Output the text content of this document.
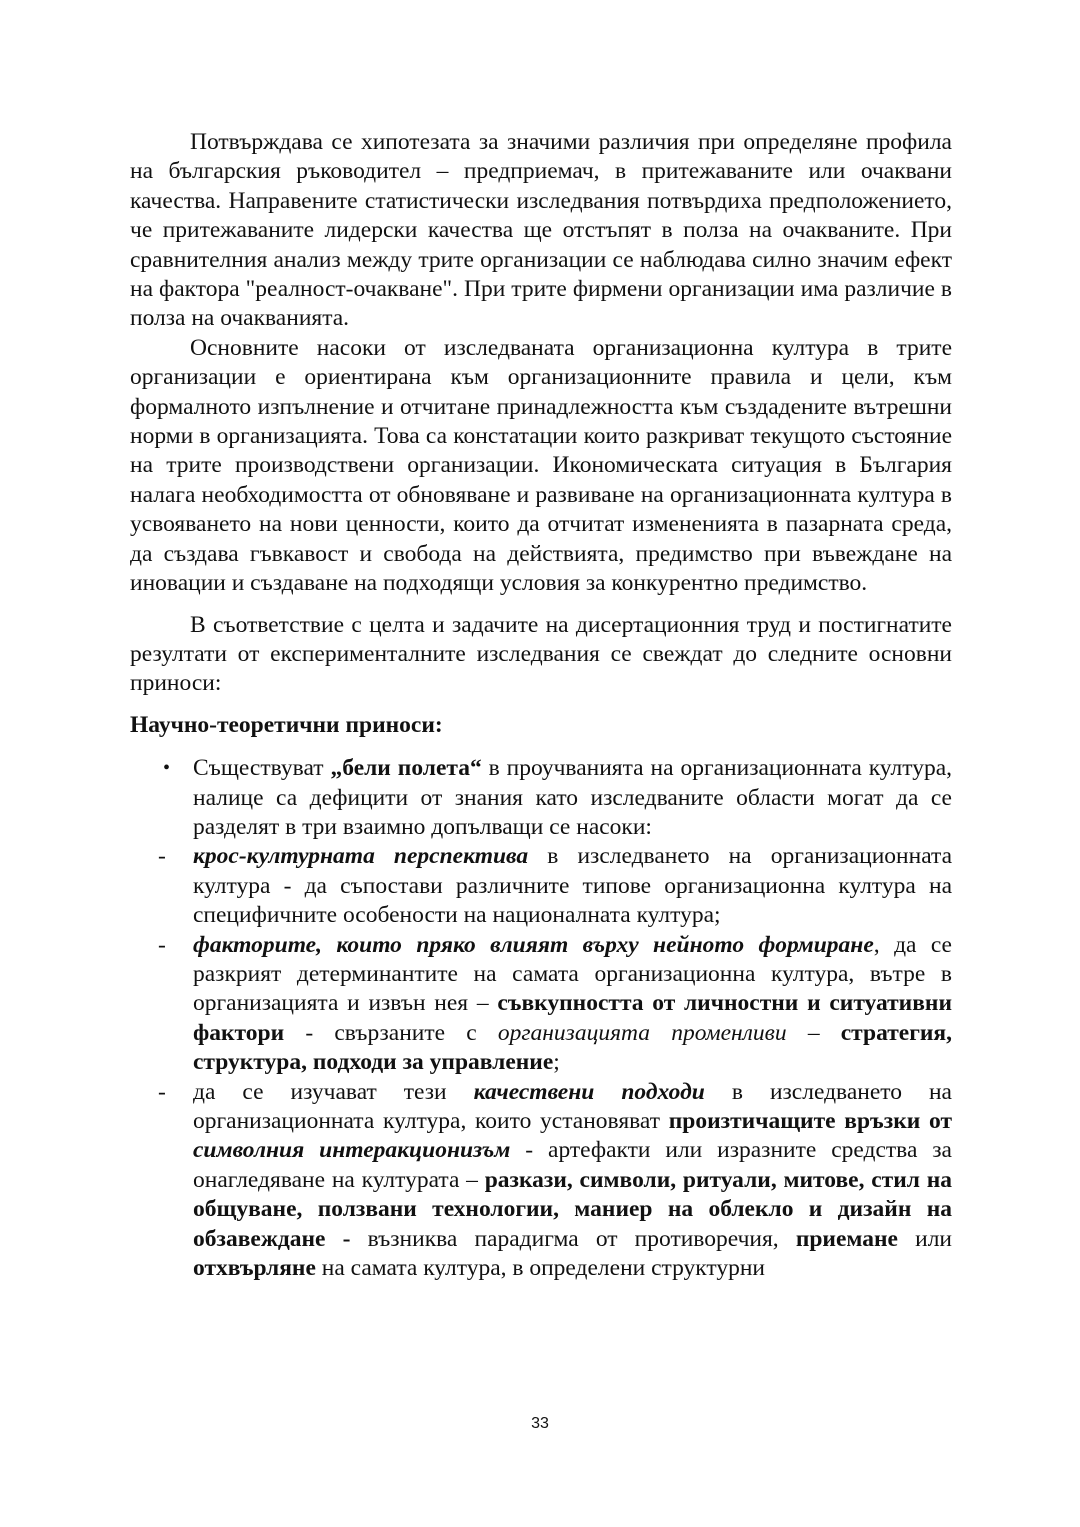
Потвърждава се хипотезата за значими различия при определяне профила на българския ръководител – предприемач, в притежаваните или очаквани качества. Направените статистически изследвания потвърдиха предположението, че притежаваните лидерски качества ще отстъпят в полза на очакваните. При сравнителния анализ между трите организации се наблюдава силно значим ефект на фактора "реалност-очакване". При трите фирмени организации има различие в полза на очакванията.

Основните насоки от изследваната организационна култура в трите организации е ориентирана към организационните правила и цели, към формалното изпълнение и отчитане принадлежността към създадените вътрешни норми в организацията. Това са констатации които разкриват текущото състояние на трите производствени организации. Икономическата ситуация в България налага необходимостта от обновяване и развиване на организационната култура в усвояването на нови ценности, които да отчитат измененията в пазарната среда, да създава гъвкавост и свобода на действията, предимство при въвеждане на иновации и създаване на подходящи условия за конкурентно предимство.

В съответствие с целта и задачите на дисертационния труд и постигнатите резултати от експерименталните изследвания се свеждат до следните основни приноси:

Научно-теоретични приноси:
• Съществуват „бели полета“ в проучванията на организационната култура, налице са дефицити от знания като изследваните области могат да се разделят в три взаимно допълващи се насоки:
- крос-културната перспектива в изследването на организационната култура - да съпостави различните типове организационна култура на специфичните особености на националната култура;
- факторите, които пряко влияят върху нейното формиране, да се разкрият детерминантите на самата организационна култура, вътре в организацията и извън нея – съвкупността от личностни и ситуативни фактори - свързаните с организацията променливи – стратегия, структура, подходи за управление;
- да се изучават тези качествени подходи в изследването на организационната култура, които установяват произтичащите връзки от символния интеракционизъм - артефакти или изразните средства за онагледяване на културата – разкази, символи, ритуали, митове, стил на общуване, ползвани технологии, маниер на облекло и дизайн на обзавеждане - възниква парадигма от противоречия, приемане или отхвърляне на самата култура, в определени структурни
33
